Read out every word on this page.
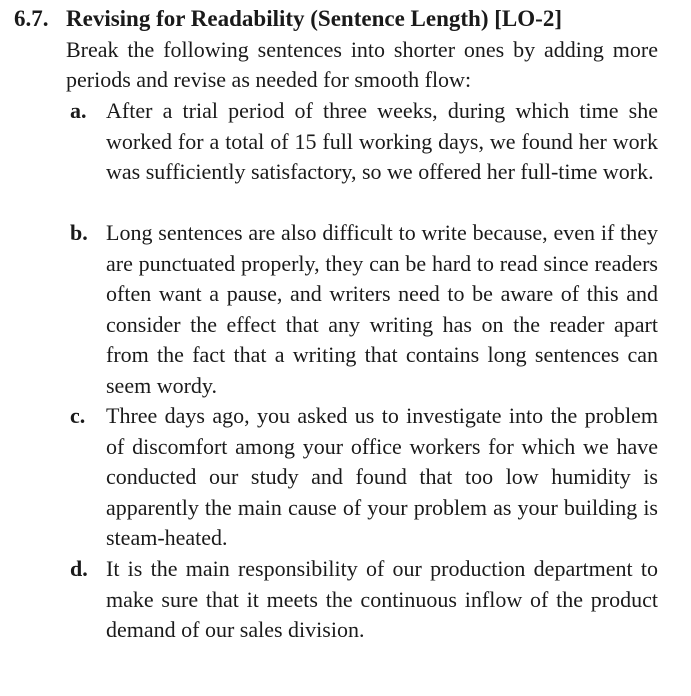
6.7. Revising for Readability (Sentence Length) [LO-2]
Break the following sentences into shorter ones by adding more periods and revise as needed for smooth flow:
a. After a trial period of three weeks, during which time she worked for a total of 15 full working days, we found her work was sufficiently satisfactory, so we offered her full-time work.
b. Long sentences are also difficult to write because, even if they are punctuated properly, they can be hard to read since readers often want a pause, and writers need to be aware of this and consider the effect that any writing has on the reader apart from the fact that a writing that contains long sentences can seem wordy.
c. Three days ago, you asked us to investigate into the problem of discomfort among your office workers for which we have conducted our study and found that too low humidity is apparently the main cause of your problem as your building is steam-heated.
d. It is the main responsibility of our production department to make sure that it meets the continuous inflow of the product demand of our sales division.
